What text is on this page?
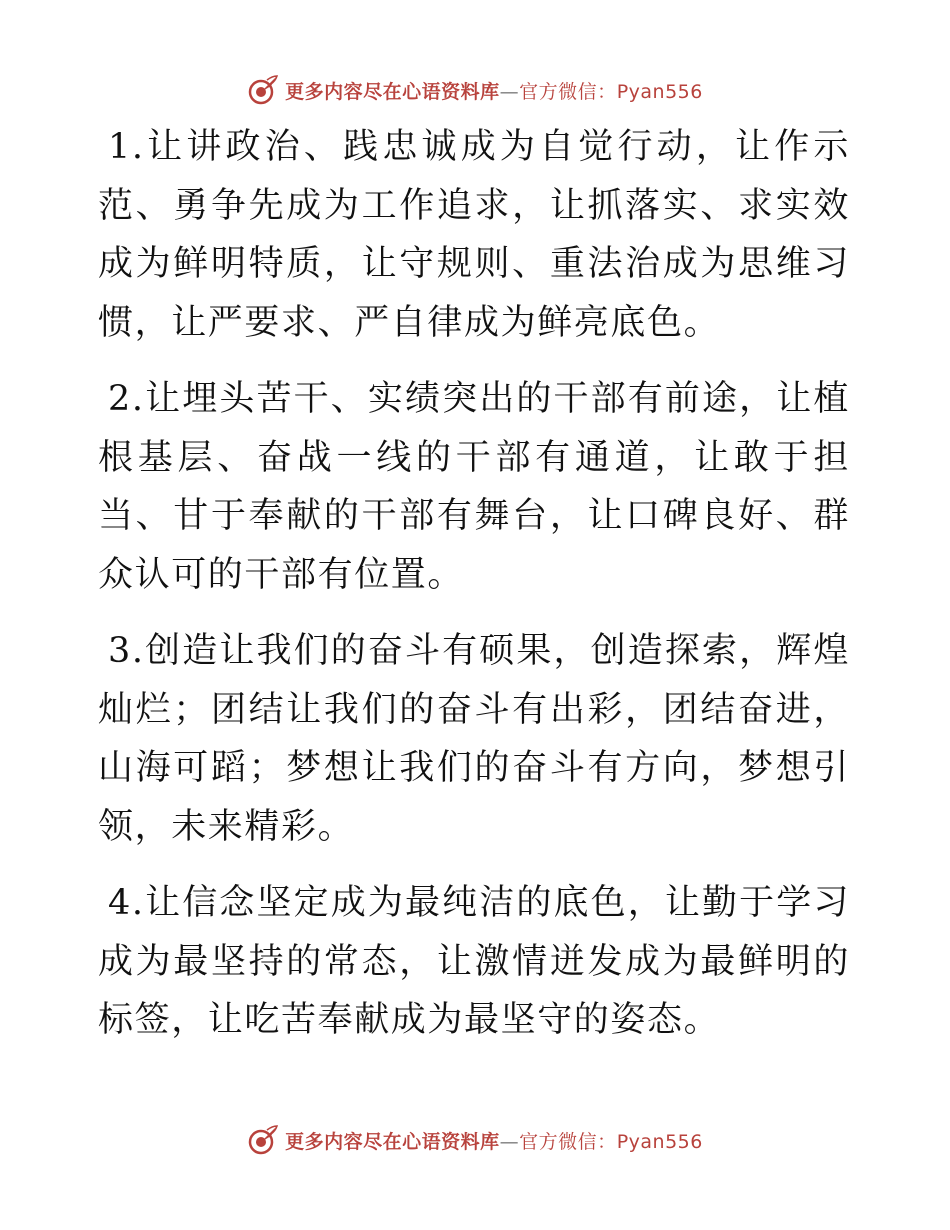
更多内容尽在心语资料库—官方微信：Pyan556

1.让讲政治、践忠诚成为自觉行动，让作示范、勇争先成为工作追求，让抓落实、求实效成为鲜明特质，让守规则、重法治成为思维习惯，让严要求、严自律成为鲜亮底色。

2.让埋头苦干、实绩突出的干部有前途，让植根基层、奋战一线的干部有通道，让敢于担当、甘于奉献的干部有舞台，让口碑良好、群众认可的干部有位置。

3.创造让我们的奋斗有硕果，创造探索，辉煌灿烂；团结让我们的奋斗有出彩，团结奋进，山海可蹈；梦想让我们的奋斗有方向，梦想引领，未来精彩。

4.让信念坚定成为最纯洁的底色，让勤于学习成为最坚持的常态，让激情迸发成为最鲜明的标签，让吃苦奉献成为最坚守的姿态。

更多内容尽在心语资料库—官方微信：Pyan556
